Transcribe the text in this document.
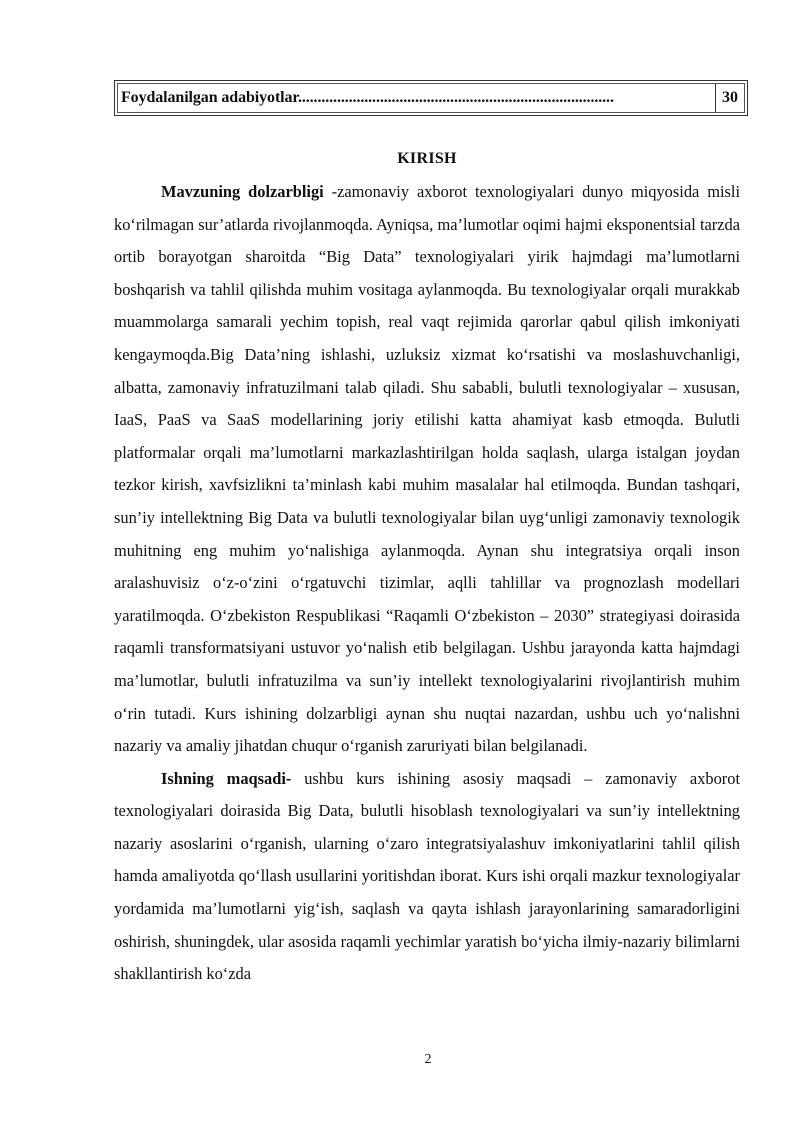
Foydalanilgan adabiyotlar.................................................................................	30
KIRISH

Mavzuning dolzarbligi -zamonaviy axborot texnologiyalari dunyo miqyosida misli ko‘rilmagan sur’atlarda rivojlanmoqda. Ayniqsa, ma’lumotlar oqimi hajmi eksponentsial tarzda ortib borayotgan sharoitda “Big Data” texnologiyalari yirik hajmdagi ma’lumotlarni boshqarish va tahlil qilishda muhim vositaga aylanmoqda. Bu texnologiyalar orqali murakkab muammolarga samarali yechim topish, real vaqt rejimida qarorlar qabul qilish imkoniyati kengaymoqda.Big Data’ning ishlashi, uzluksiz xizmat ko‘rsatishi va moslashuvchanligi, albatta, zamonaviy infratuzilmani talab qiladi. Shu sababli, bulutli texnologiyalar – xususan, IaaS, PaaS va SaaS modellarining joriy etilishi katta ahamiyat kasb etmoqda. Bulutli platformalar orqali ma’lumotlarni markazlashtirilgan holda saqlash, ularga istalgan joydan tezkor kirish, xavfsizlikni ta’minlash kabi muhim masalalar hal etilmoqda. Bundan tashqari, sun’iy intellektning Big Data va bulutli texnologiyalar bilan uyg‘unligi zamonaviy texnologik muhitning eng muhim yo‘nalishiga aylanmoqda. Aynan shu integratsiya orqali inson aralashuvisiz o‘z-o‘zini o‘rgatuvchi tizimlar, aqlli tahlillar va prognozlash modellari yaratilmoqda. O‘zbekiston Respublikasi “Raqamli O‘zbekiston – 2030” strategiyasi doirasida raqamli transformatsiyani ustuvor yo‘nalish etib belgilagan. Ushbu jarayonda katta hajmdagi ma’lumotlar, bulutli infratuzilma va sun’iy intellekt texnologiyalarini rivojlantirish muhim o‘rin tutadi. Kurs ishining dolzarbligi aynan shu nuqtai nazardan, ushbu uch yo‘nalishni nazariy va amaliy jihatdan chuqur o‘rganish zaruriyati bilan belgilanadi.

Ishning maqsadi- ushbu kurs ishining asosiy maqsadi – zamonaviy axborot texnologiyalari doirasida Big Data, bulutli hisoblash texnologiyalari va sun’iy intellektning nazariy asoslarini o‘rganish, ularning o‘zaro integratsiyalashuv imkoniyatlarini tahlil qilish hamda amaliyotda qo‘llash usullarini yoritishdan iborat. Kurs ishi orqali mazkur texnologiyalar yordamida ma’lumotlarni yig‘ish, saqlash va qayta ishlash jarayonlarining samaradorligini oshirish, shuningdek, ular asosida raqamli yechimlar yaratish bo‘yicha ilmiy-nazariy bilimlarni shakllantirish ko‘zda

2
